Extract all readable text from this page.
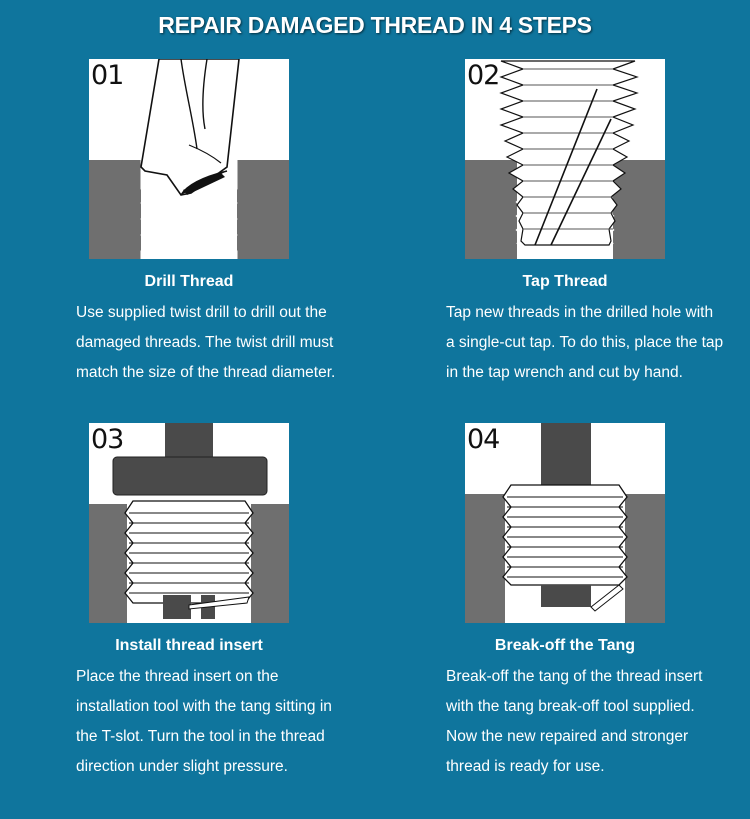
REPAIR DAMAGED THREAD IN 4 STEPS
01
Drill Thread
Use supplied twist drill to drill out the damaged threads. The twist drill must match the size of the thread diameter.
02
Tap Thread
Tap new threads in the drilled hole with a single-cut tap. To do this, place the tap in the tap wrench and cut by hand.
03
Install thread insert
Place the thread insert on the installation tool with the tang sitting in the T-slot. Turn the tool in the thread direction under slight pressure.
04
Break-off the Tang
Break-off the tang of the thread insert with the tang break-off tool supplied. Now the new repaired and stronger thread is ready for use.
